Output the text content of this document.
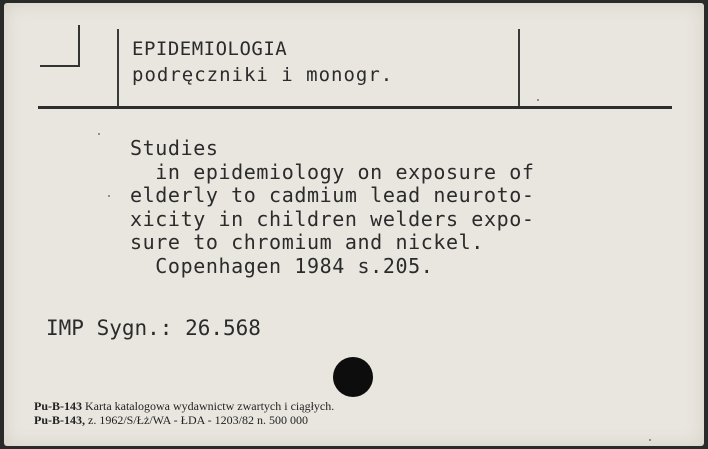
EPIDEMIOLOGIA
podręczniki i monogr.
Studies
in epidemiology on exposure of
elderly to cadmium lead neuroto-
xicity in children welders expo-
sure to chromium and nickel.
Copenhagen 1984 s.205.
IMP Sygn.: 26.568
Pu-B-143 Karta katalogowa wydawnictw zwartych i ciągłych.
Pu-B-143, z. 1962/S/Łż/WA - ŁDA - 1203/82 n. 500 000
